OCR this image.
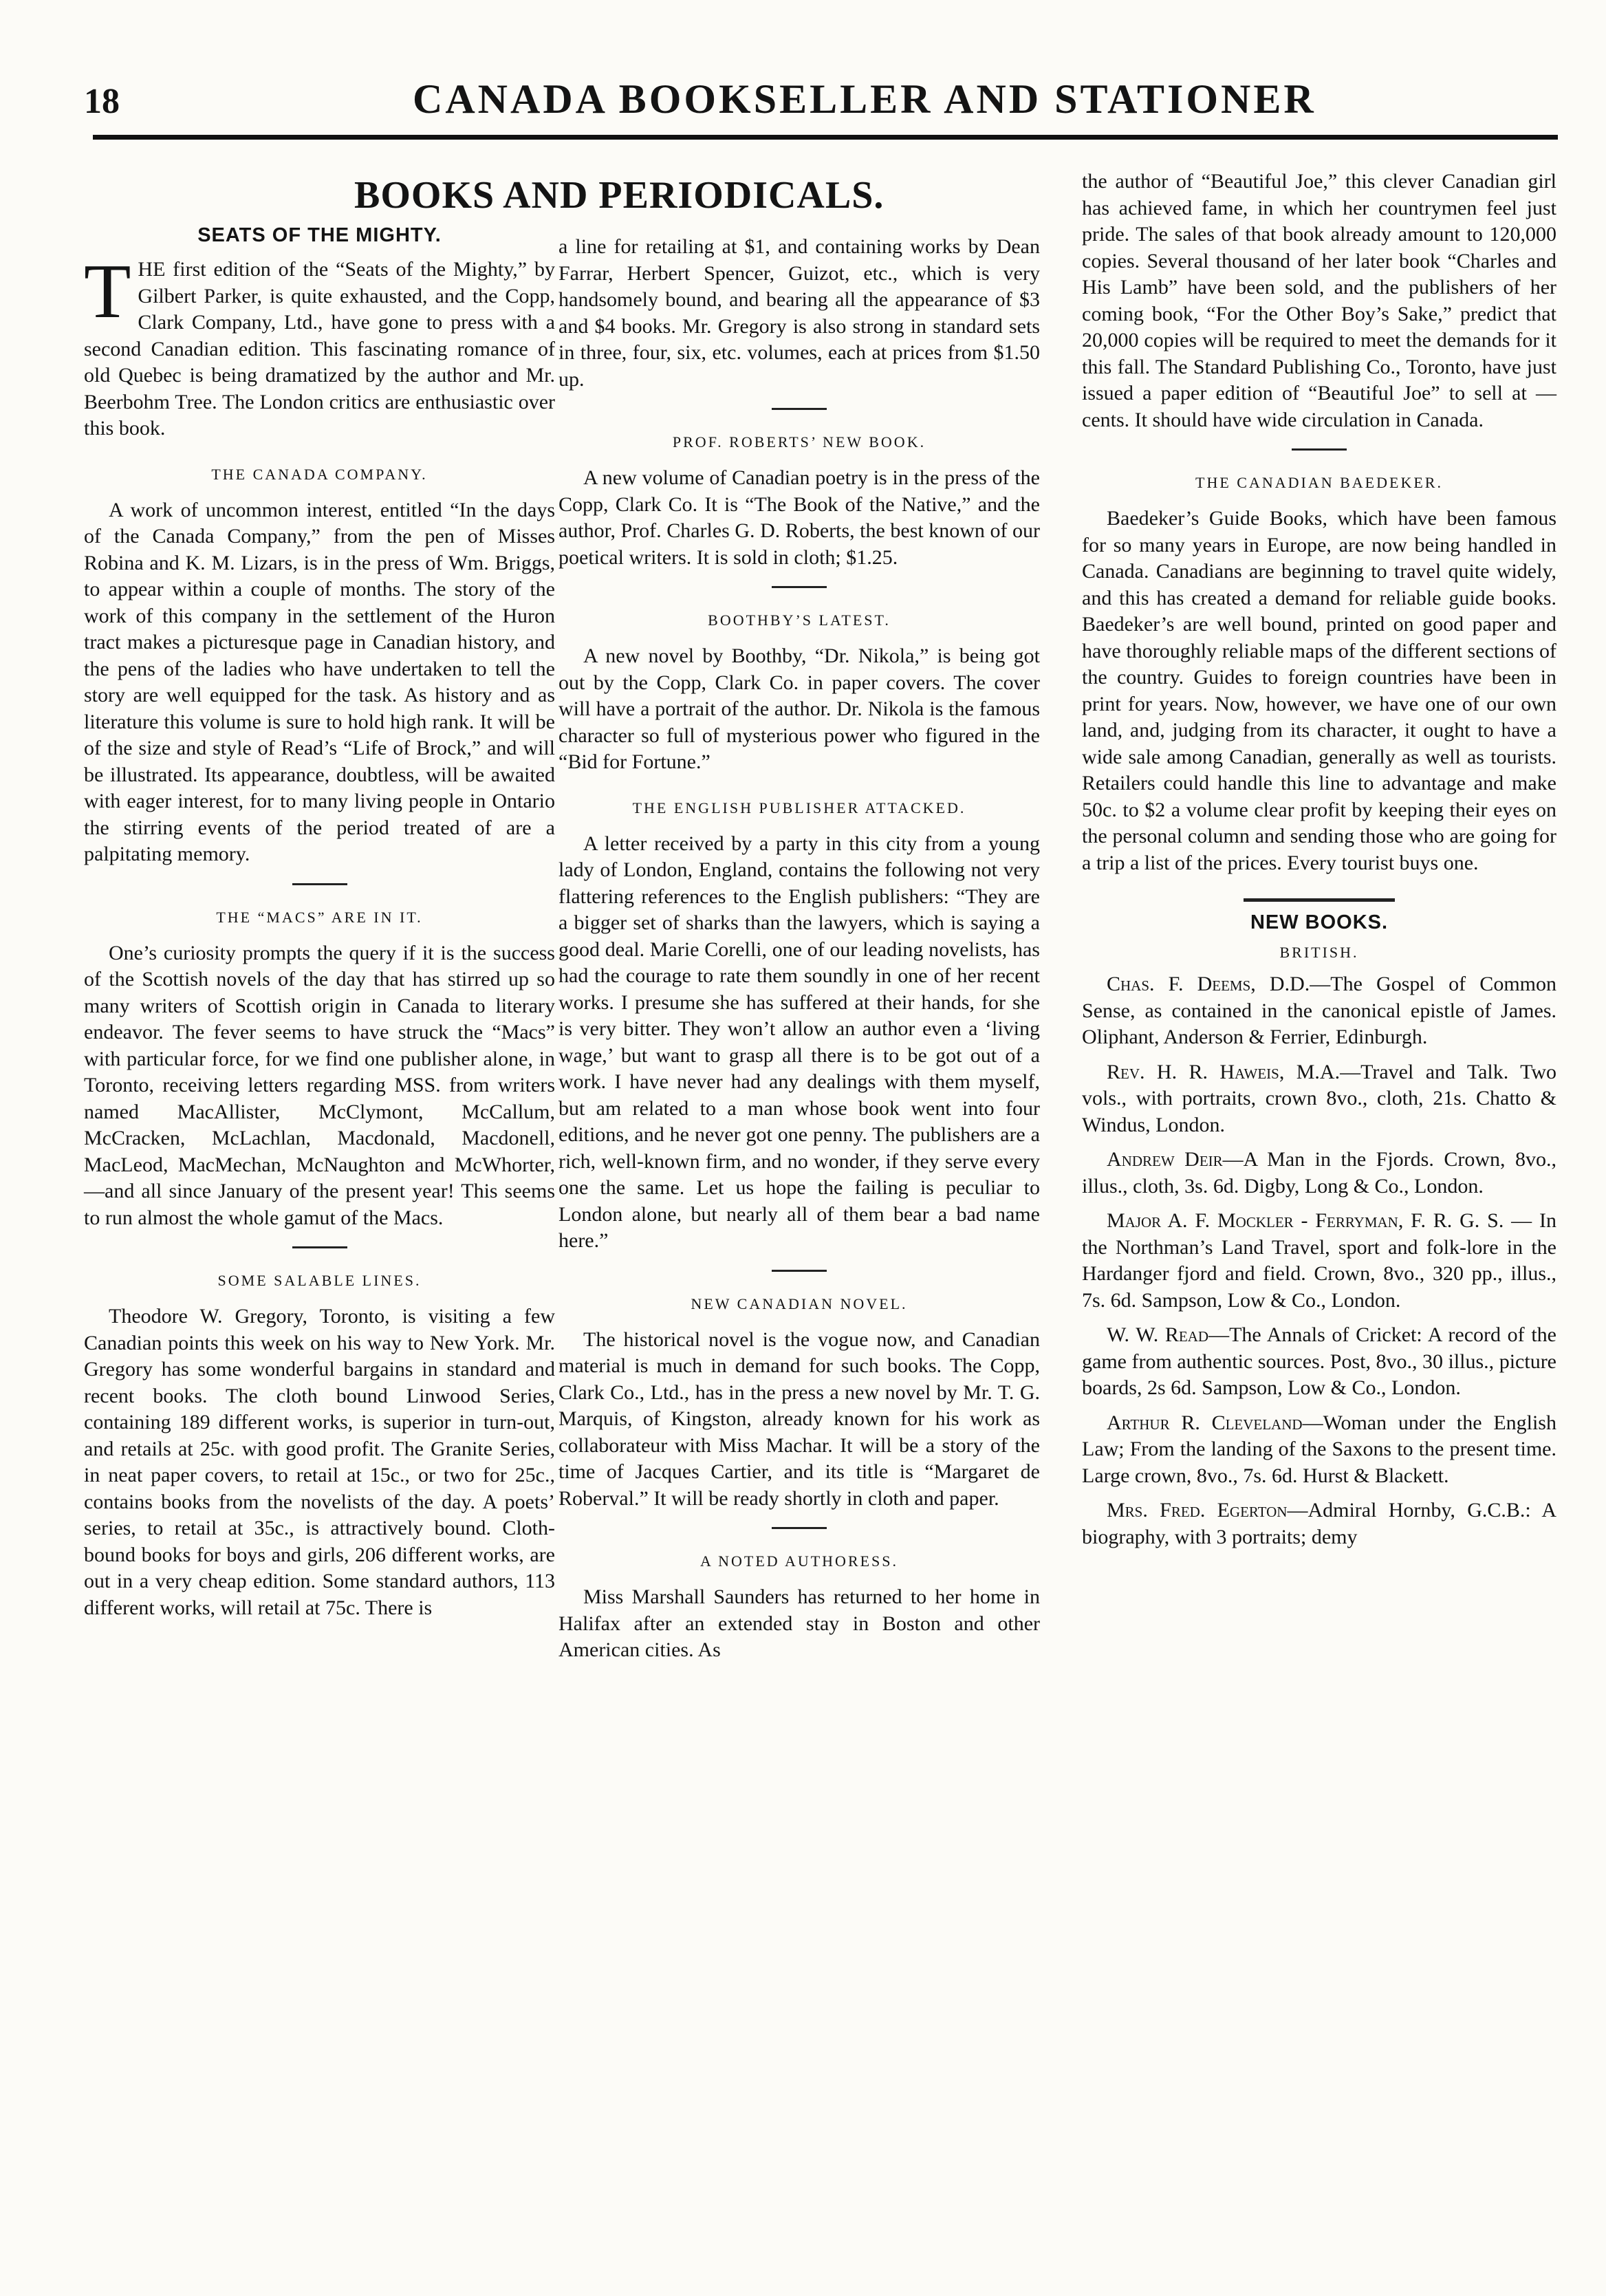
18	CANADA BOOKSELLER AND STATIONER
BOOKS AND PERIODICALS.
SEATS OF THE MIGHTY.

THE first edition of the “Seats of the Mighty,” by Gilbert Parker, is quite exhausted, and the Copp, Clark Company, Ltd., have gone to press with a second Canadian edition. This fascinating romance of old Quebec is being dramatized by the author and Mr. Beerbohm Tree. The London critics are enthusiastic over this book.

THE CANADA COMPANY.

A work of uncommon interest, entitled “In the days of the Canada Company,” from the pen of Misses Robina and K. M. Lizars, is in the press of Wm. Briggs, to appear within a couple of months. The story of the work of this company in the settlement of the Huron tract makes a picturesque page in Canadian history, and the pens of the ladies who have undertaken to tell the story are well equipped for the task. As history and as literature this volume is sure to hold high rank. It will be of the size and style of Read’s “Life of Brock,” and will be illustrated. Its appearance, doubtless, will be awaited with eager interest, for to many living people in Ontario the stirring events of the period treated of are a palpitating memory.

THE “MACS” ARE IN IT.

One’s curiosity prompts the query if it is the success of the Scottish novels of the day that has stirred up so many writers of Scottish origin in Canada to literary endeavor. The fever seems to have struck the “Macs” with particular force, for we find one publisher alone, in Toronto, receiving letters regarding MSS. from writers named MacAllister, McClymont, McCallum, McCracken, McLachlan, Macdonald, Macdonell, MacLeod, MacMechan, McNaughton and McWhorter,—and all since January of the present year! This seems to run almost the whole gamut of the Macs.

SOME SALABLE LINES.

Theodore W. Gregory, Toronto, is visiting a few Canadian points this week on his way to New York. Mr. Gregory has some wonderful bargains in standard and recent books. The cloth bound Linwood Series, containing 189 different works, is superior in turn-out, and retails at 25c. with good profit. The Granite Series, in neat paper covers, to retail at 15c., or two for 25c., contains books from the novelists of the day. A poets’ series, to retail at 35c., is attractively bound. Cloth-bound books for boys and girls, 206 different works, are out in a very cheap edition. Some standard authors, 113 different works, will retail at 75c. There is

a line for retailing at $1, and containing works by Dean Farrar, Herbert Spencer, Guizot, etc., which is very handsomely bound, and bearing all the appearance of $3 and $4 books. Mr. Gregory is also strong in standard sets in three, four, six, etc. volumes, each at prices from $1.50 up.

PROF. ROBERTS’ NEW BOOK.

A new volume of Canadian poetry is in the press of the Copp, Clark Co. It is “The Book of the Native,” and the author, Prof. Charles G. D. Roberts, the best known of our poetical writers. It is sold in cloth; $1.25.

BOOTHBY’S LATEST.

A new novel by Boothby, “Dr. Nikola,” is being got out by the Copp, Clark Co. in paper covers. The cover will have a portrait of the author. Dr. Nikola is the famous character so full of mysterious power who figured in the “Bid for Fortune.”

THE ENGLISH PUBLISHER ATTACKED.

A letter received by a party in this city from a young lady of London, England, contains the following not very flattering references to the English publishers: “They are a bigger set of sharks than the lawyers, which is saying a good deal. Marie Corelli, one of our leading novelists, has had the courage to rate them soundly in one of her recent works. I presume she has suffered at their hands, for she is very bitter. They won’t allow an author even a ‘living wage,’ but want to grasp all there is to be got out of a work. I have never had any dealings with them myself, but am related to a man whose book went into four editions, and he never got one penny. The publishers are a rich, well-known firm, and no wonder, if they serve every one the same. Let us hope the failing is peculiar to London alone, but nearly all of them bear a bad name here.”

NEW CANADIAN NOVEL.

The historical novel is the vogue now, and Canadian material is much in demand for such books. The Copp, Clark Co., Ltd., has in the press a new novel by Mr. T. G. Marquis, of Kingston, already known for his work as collaborateur with Miss Machar. It will be a story of the time of Jacques Cartier, and its title is “Margaret de Roberval.” It will be ready shortly in cloth and paper.

A NOTED AUTHORESS.

Miss Marshall Saunders has returned to her home in Halifax after an extended stay in Boston and other American cities. As

the author of “Beautiful Joe,” this clever Canadian girl has achieved fame, in which her countrymen feel just pride. The sales of that book already amount to 120,000 copies. Several thousand of her later book “Charles and His Lamb” have been sold, and the publishers of her coming book, “For the Other Boy’s Sake,” predict that 20,000 copies will be required to meet the demands for it this fall. The Standard Publishing Co., Toronto, have just issued a paper edition of “Beautiful Joe” to sell at — cents. It should have wide circulation in Canada.

THE CANADIAN BAEDEKER.

Baedeker’s Guide Books, which have been famous for so many years in Europe, are now being handled in Canada. Canadians are beginning to travel quite widely, and this has created a demand for reliable guide books. Baedeker’s are well bound, printed on good paper and have thoroughly reliable maps of the different sections of the country. Guides to foreign countries have been in print for years. Now, however, we have one of our own land, and, judging from its character, it ought to have a wide sale among Canadian, generally as well as tourists. Retailers could handle this line to advantage and make 50c. to $2 a volume clear profit by keeping their eyes on the personal column and sending those who are going for a trip a list of the prices. Every tourist buys one.

NEW BOOKS.
BRITISH.
Chas. F. Deems, D.D.—The Gospel of Common Sense, as contained in the canonical epistle of James. Oliphant, Anderson & Ferrier, Edinburgh.
Rev. H. R. Haweis, M.A.—Travel and Talk. Two vols., with portraits, crown 8vo., cloth, 21s. Chatto & Windus, London.
Andrew Deir—A Man in the Fjords. Crown, 8vo., illus., cloth, 3s. 6d. Digby, Long & Co., London.
Major A. F. Mockler - Ferryman, F. R. G. S. — In the Northman’s Land Travel, sport and folk-lore in the Hardanger fjord and field. Crown, 8vo., 320 pp., illus., 7s. 6d. Sampson, Low & Co., London.
W. W. Read—The Annals of Cricket: A record of the game from authentic sources. Post, 8vo., 30 illus., picture boards, 2s 6d. Sampson, Low & Co., London.
Arthur R. Cleveland—Woman under the English Law; From the landing of the Saxons to the present time. Large crown, 8vo., 7s. 6d. Hurst & Blackett.
Mrs. Fred. Egerton—Admiral Hornby, G.C.B.: A biography, with 3 portraits; demy
